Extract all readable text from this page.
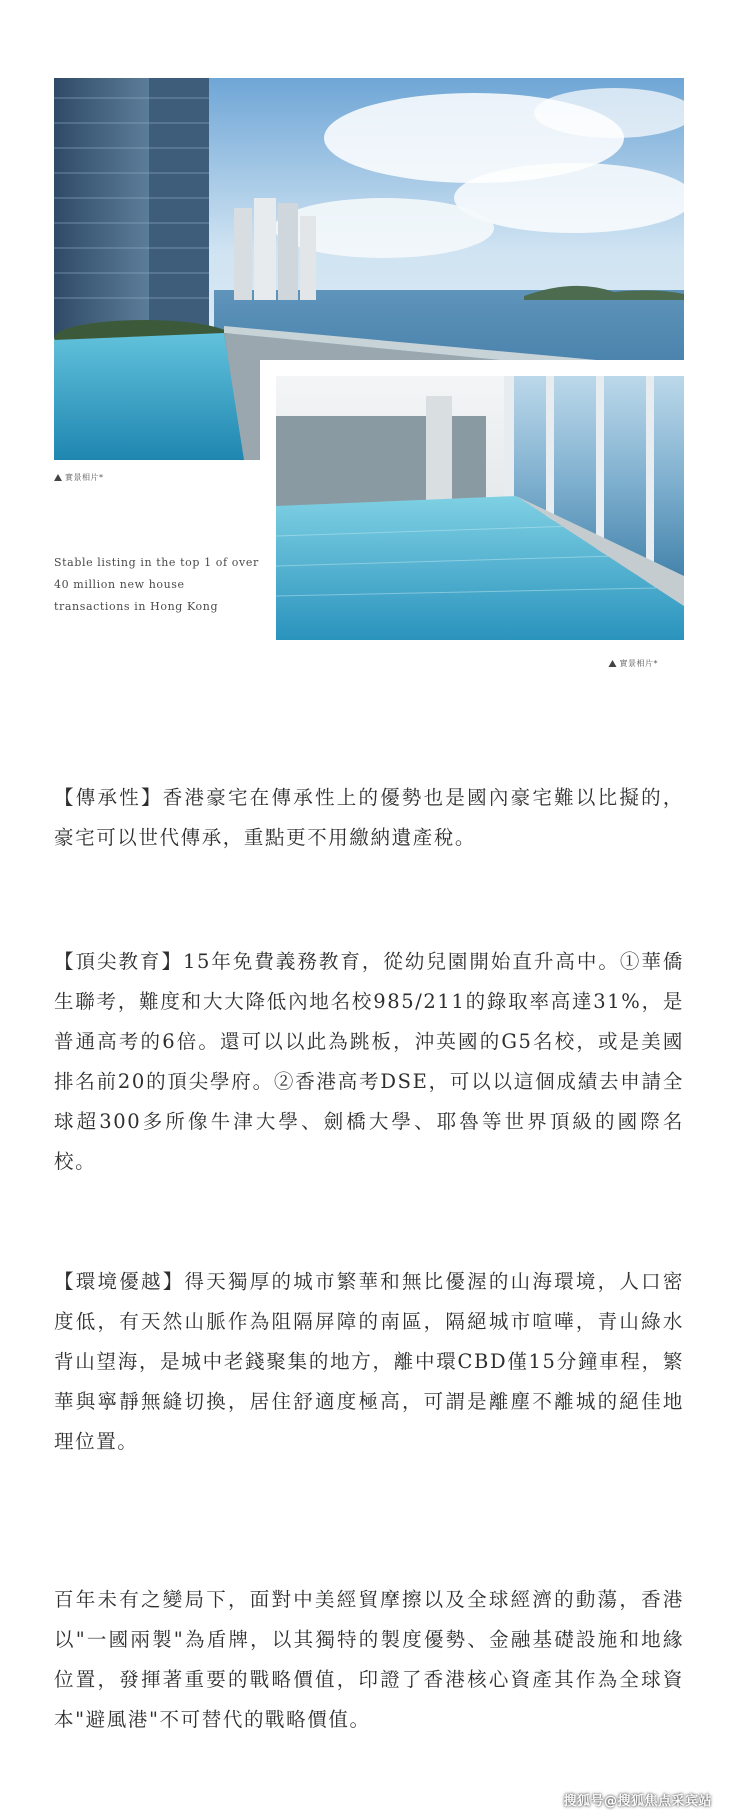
實景相片*
實景相片*
Stable listing in the top 1 of over 40 million new house transactions in Hong Kong

【傳承性】香港豪宅在傳承性上的優勢也是國內豪宅難以比擬的，豪宅可以世代傳承，重點更不用繳納遺產稅。

【頂尖教育】15年免費義務教育，從幼兒園開始直升高中。①華僑生聯考，難度和大大降低內地名校985/211的錄取率高達31%，是普通高考的6倍。還可以以此為跳板，沖英國的G5名校，或是美國排名前20的頂尖學府。②香港高考DSE，可以以這個成績去申請全球超300多所像牛津大學、劍橋大學、耶魯等世界頂級的國際名校。

【環境優越】得天獨厚的城市繁華和無比優渥的山海環境，人口密度低，有天然山脈作為阻隔屏障的南區，隔絕城市喧嘩，青山綠水背山望海，是城中老錢聚集的地方，離中環CBD僅15分鐘車程，繁華與寧靜無縫切換，居住舒適度極高，可謂是離塵不離城的絕佳地理位置。

百年未有之變局下，面對中美經貿摩擦以及全球經濟的動蕩，香港以"一國兩製"為盾牌，以其獨特的製度優勢、金融基礎設施和地緣位置，發揮著重要的戰略價值，印證了香港核心資產其作為全球資本"避風港"不可替代的戰略價值。

搜狐号@搜狐焦点采宾站
